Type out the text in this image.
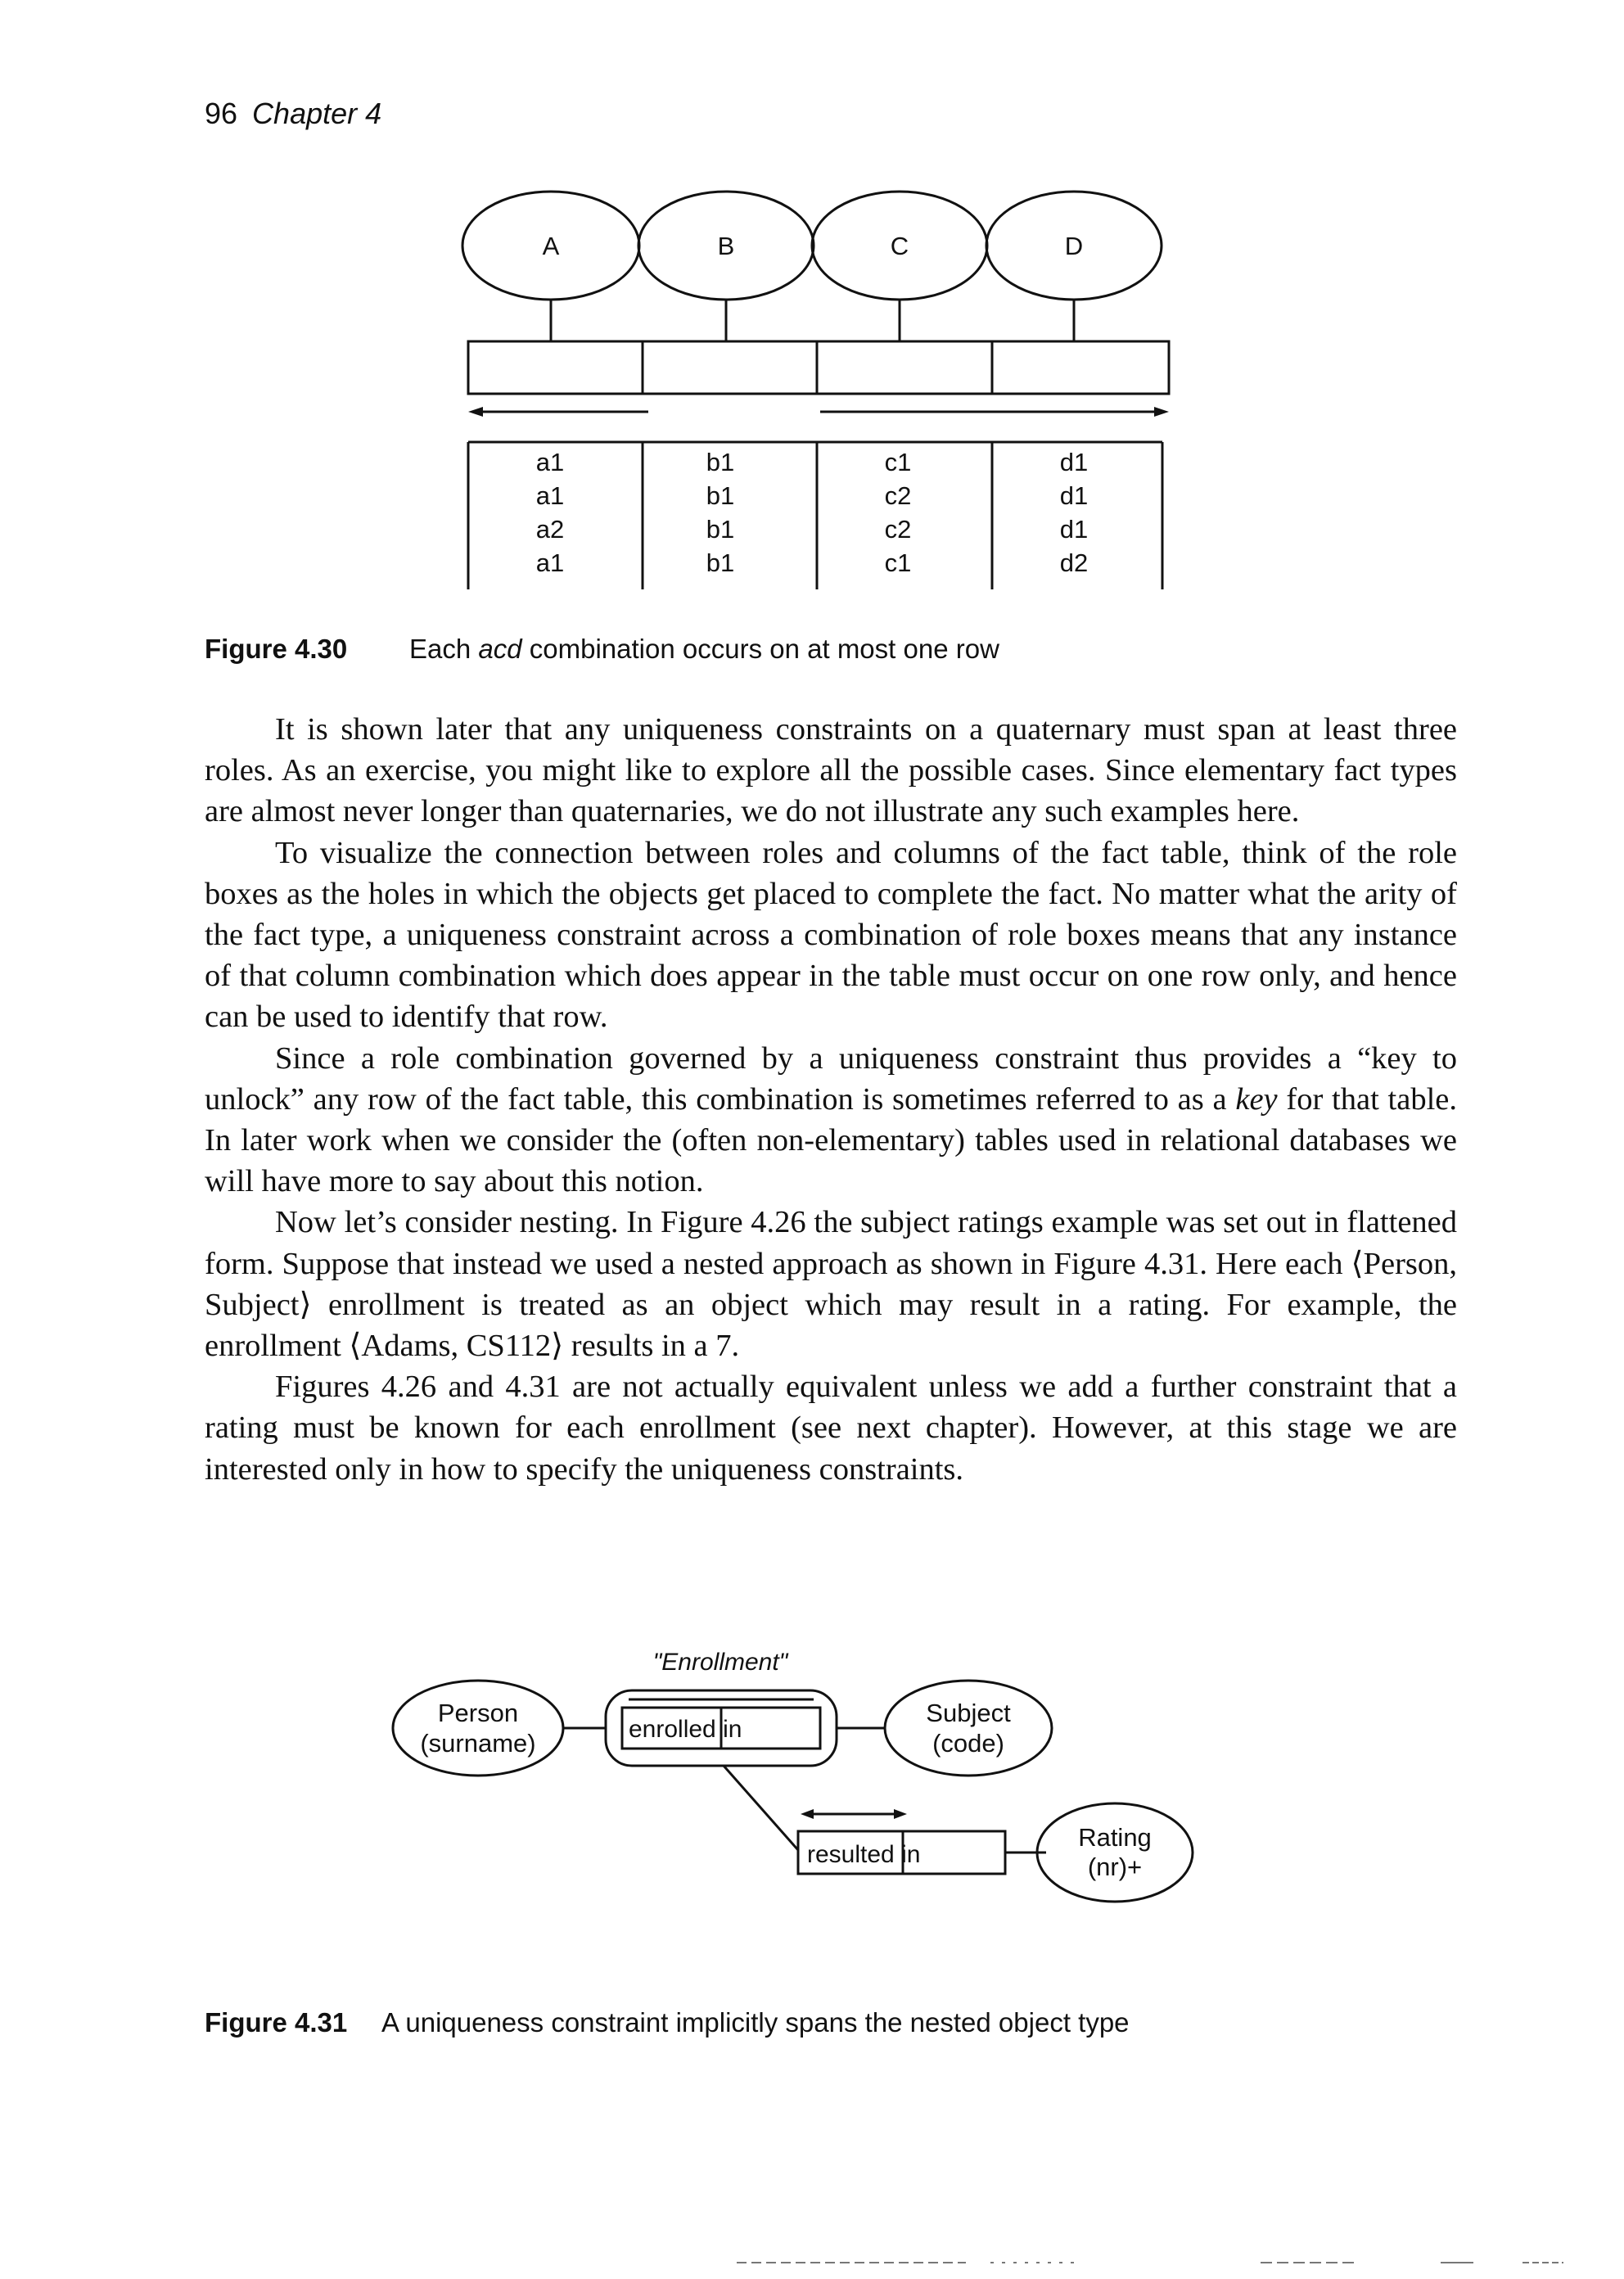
96 Chapter 4
A	B	C	D
a1	b1	c1	d1
a1	b1	c2	d1
a2	b1	c2	d1
a1	b1	c1	d2
Figure 4.30 Each acd combination occurs on at most one row

It is shown later that any uniqueness constraints on a quaternary must span at least three roles. As an exercise, you might like to explore all the possible cases. Since elementary fact types are almost never longer than quaternaries, we do not illustrate any such examples here.

To visualize the connection between roles and columns of the fact table, think of the role boxes as the holes in which the objects get placed to complete the fact. No matter what the arity of the fact type, a uniqueness constraint across a combination of role boxes means that any instance of that column combination which does appear in the table must occur on one row only, and hence can be used to identify that row.

Since a role combination governed by a uniqueness constraint thus provides a “key to unlock” any row of the fact table, this combination is sometimes referred to as a key for that table. In later work when we consider the (often non-elementary) tables used in relational databases we will have more to say about this notion.

Now let’s consider nesting. In Figure 4.26 the subject ratings example was set out in flattened form. Suppose that instead we used a nested approach as shown in Figure 4.31. Here each ⟨Person, Subject⟩ enrollment is treated as an object which may result in a rating. For example, the enrollment ⟨Adams, CS112⟩ results in a 7.

Figures 4.26 and 4.31 are not actually equivalent unless we add a further constraint that a rating must be known for each enrollment (see next chapter). However, at this stage we are interested only in how to specify the uniqueness constraints.

"Enrollment"
Person
(surname)
Subject
(code)
Rating
(nr)+
enrolled in
resulted in
Figure 4.31 A uniqueness constraint implicitly spans the nested object type
